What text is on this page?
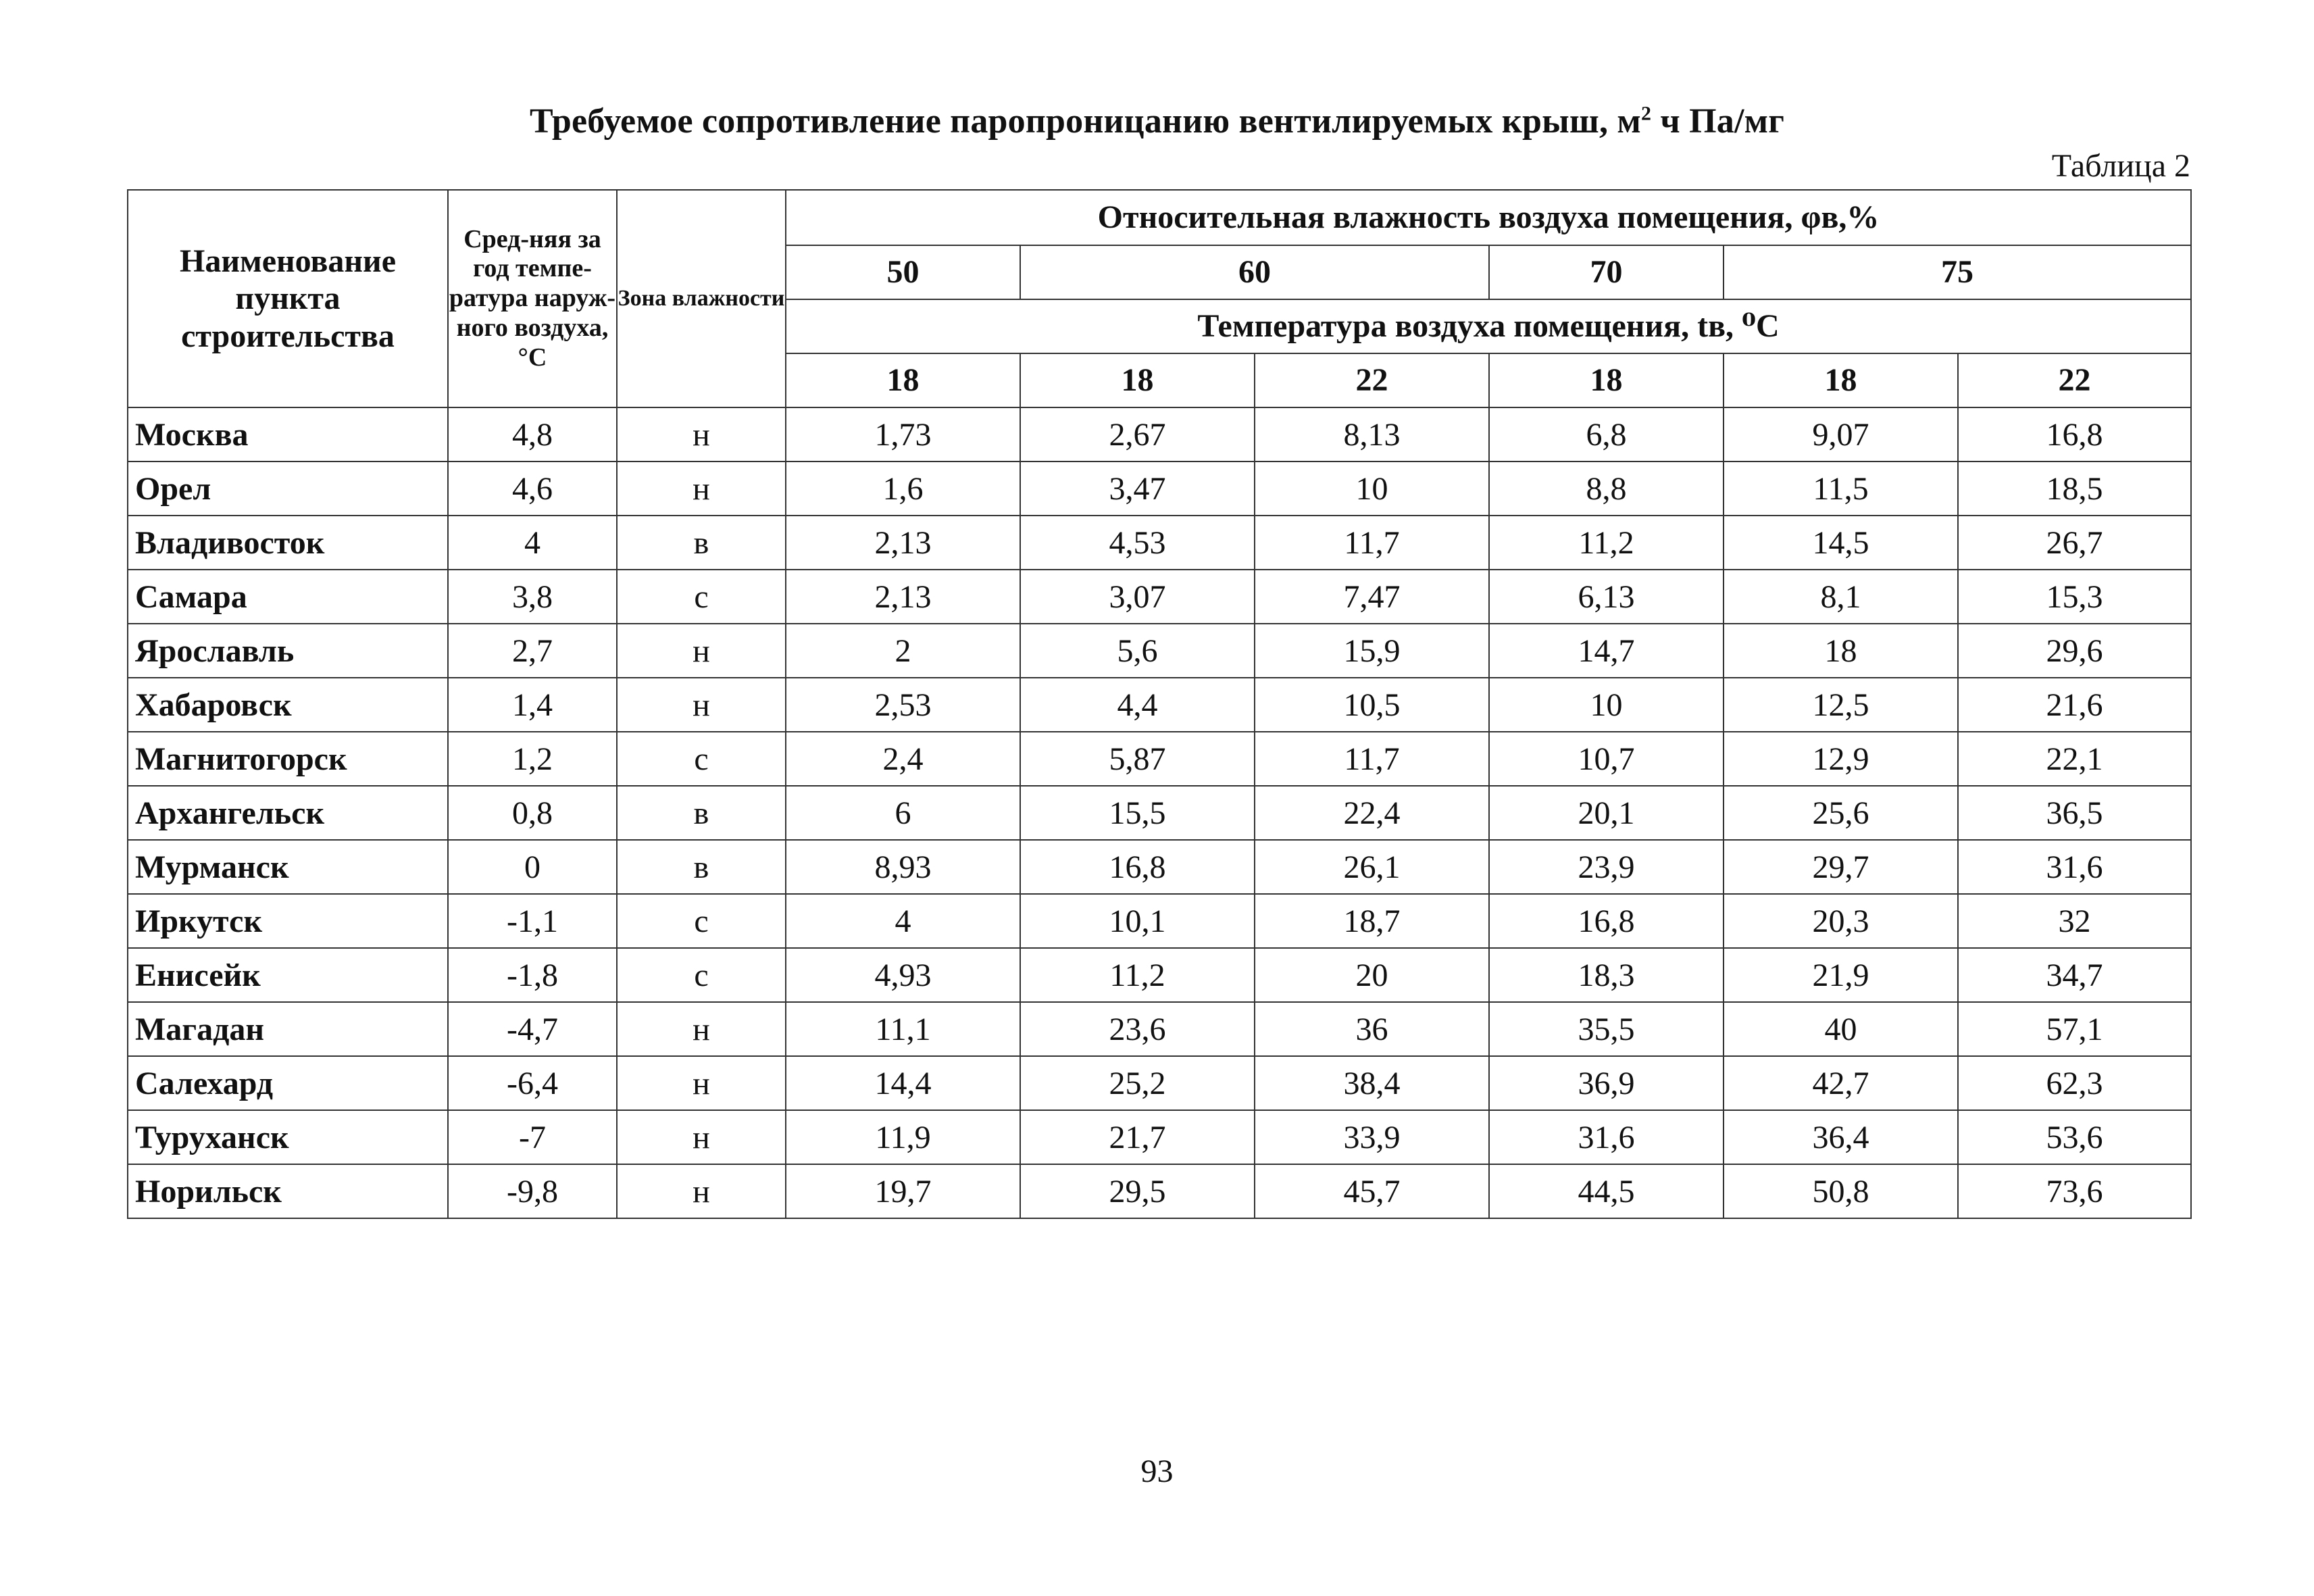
Требуемое сопротивление паропроницанию вентилируемых крыш, $м^2$ ч Па/мг
Таблица 2
Наименование пункта строительства	Сред-няя за год темпе-ратура наруж-ного воздуха, °С	Зона влажности	Относительная влажность воздуха помещения, φв,%					
			50	60		70	75	
			Температура воздуха помещения, tв, ⁰С					
			18	18	22	18	18	22
Москва	4,8	н	1,73	2,67	8,13	6,8	9,07	16,8
Орел	4,6	н	1,6	3,47	10	8,8	11,5	18,5
Владивосток	4	в	2,13	4,53	11,7	11,2	14,5	26,7
Самара	3,8	с	2,13	3,07	7,47	6,13	8,1	15,3
Ярославль	2,7	н	2	5,6	15,9	14,7	18	29,6
Хабаровск	1,4	н	2,53	4,4	10,5	10	12,5	21,6
Магнитогорск	1,2	с	2,4	5,87	11,7	10,7	12,9	22,1
Архангельск	0,8	в	6	15,5	22,4	20,1	25,6	36,5
Мурманск	0	в	8,93	16,8	26,1	23,9	29,7	31,6
Иркутск	-1,1	с	4	10,1	18,7	16,8	20,3	32
Енисейк	-1,8	с	4,93	11,2	20	18,3	21,9	34,7
Магадан	-4,7	н	11,1	23,6	36	35,5	40	57,1
Салехард	-6,4	н	14,4	25,2	38,4	36,9	42,7	62,3
Туруханск	-7	н	11,9	21,7	33,9	31,6	36,4	53,6
Норильск	-9,8	н	19,7	29,5	45,7	44,5	50,8	73,6
93
